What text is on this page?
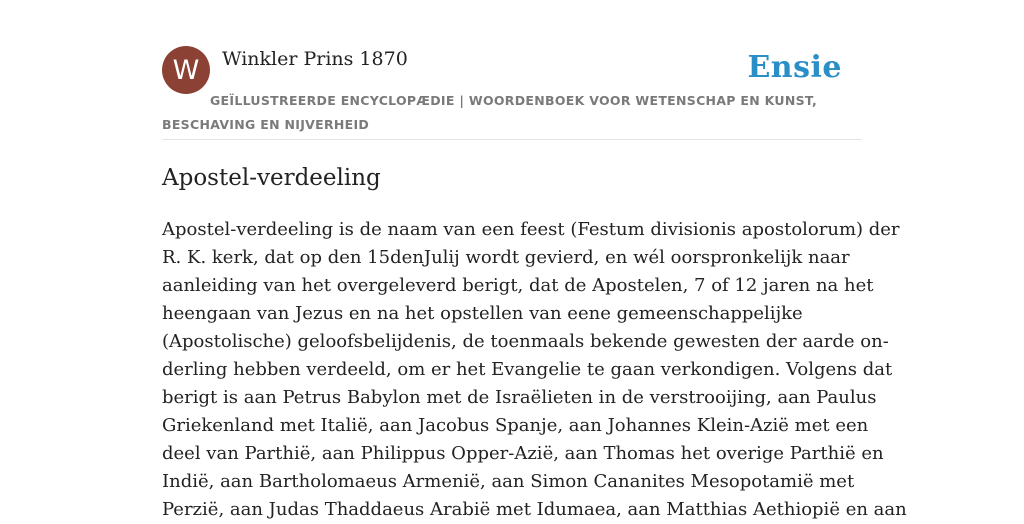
W	Winkler Prins 1870	Ensie
GEÏLLUSTREERDE ENCYCLOPÆDIE | WOORDENBOEK VOOR WETENSCHAP EN KUNST, BESCHAVING EN NIJVERHEID
Apostel-verdeeling
Apostel-verdeeling is de naam van een feest (Festum divisionis apostolorum) der
R. K. kerk, dat op den 15denJulij wordt gevierd, en wél oorspronkelijk naar
aanleiding van het overgeleverd berigt, dat de Apostelen, 7 of 12 jaren na het
heengaan van Jezus en na het opstellen van eene gemeenschappelijke
(Apostolische) geloofsbelijdenis, de toenmaals bekende gewesten der aarde on-
derling hebben verdeeld, om er het Evangelie te gaan verkondigen. Volgens dat
berigt is aan Petrus Babylon met de Israëlieten in de verstrooijing, aan Paulus
Griekenland met Italië, aan Jacobus Spanje, aan Johannes Klein-Azië met een
deel van Parthië, aan Philippus Opper-Azië, aan Thomas het overige Parthië en
Indië, aan Bartholomaeus Armenië, aan Simon Cananites Mesopotamië met
Perzië, aan Judas Thaddaeus Arabië met Idumaea, aan Matthias Aethiopië en aan
